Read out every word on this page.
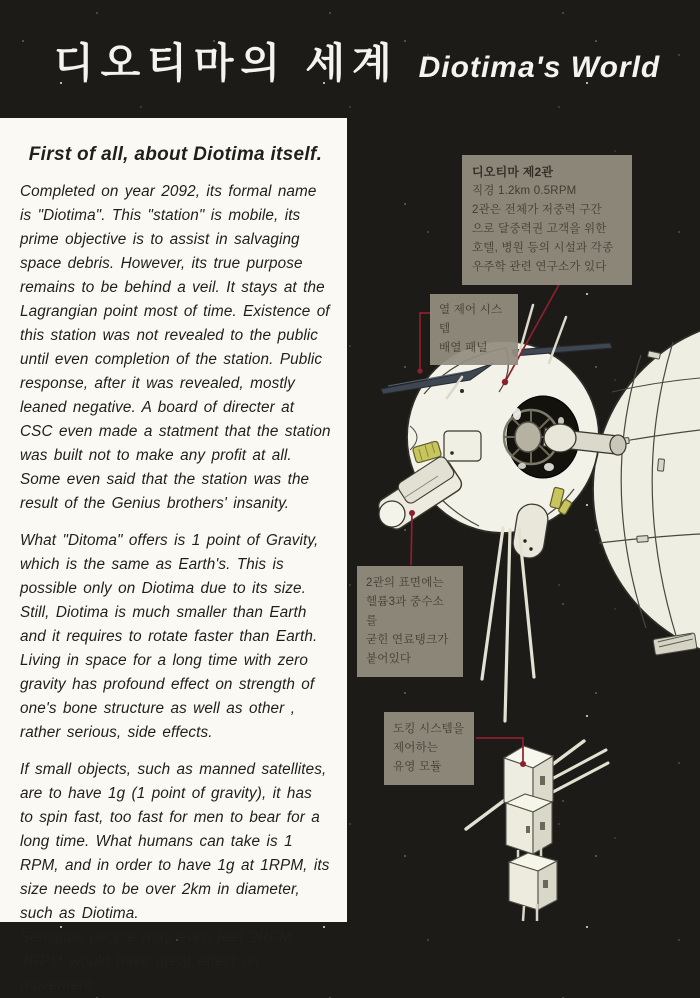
디오티마의 세계 Diotima's World
First of all, about Diotima itself.

Completed on year 2092, its formal name is "Diotima". This "station" is mobile, its prime objective is to assist in salvaging space debris. However, its true purpose remains to be behind a veil. It stays at the Lagrangian point most of time. Existence of this station was not revealed to the public until even completion of the station. Public response, after it was revealed, mostly leaned negative. A board of directer at CSC even made a statment that the station was built not to make any profit at all. Some even said that the station was the result of the Genius brothers' insanity.

What "Ditoma" offers is 1 point of Gravity, which is the same as Earth's. This is possible only on Diotima due to its size. Still, Diotima is much smaller than Earth and it requires to rotate faster than Earth. Living in space for a long time with zero gravity has profound effect on strength of one's bone structure as well as other , rather serious, side effects.

If small objects, such as manned satellites, are to have 1g (1 point of gravity), it has to spin fast, too fast for men to bear for a long time. What humans can take is 1 RPM, and in order to have 1g at 1RPM, its size needs to be over 2km in diameter, such as Diotima.

Sensitive people may even feel 2RPM. 3RPM would have great effect on movement.

디오티마 제2관
직경 1.2km 0.5RPM
2관은 전체가 저중력 구간
으로 달중력권 고객을 위한
호텔, 병원 등의 시설과 각종
우주학 관련 연구소가 있다
열 제어 시스템
배열 패널
2관의 표면에는
헬륨3과 중수소를
굳힌 연료탱크가
붙어있다
도킹 시스템을
제어하는
유영 모듈
